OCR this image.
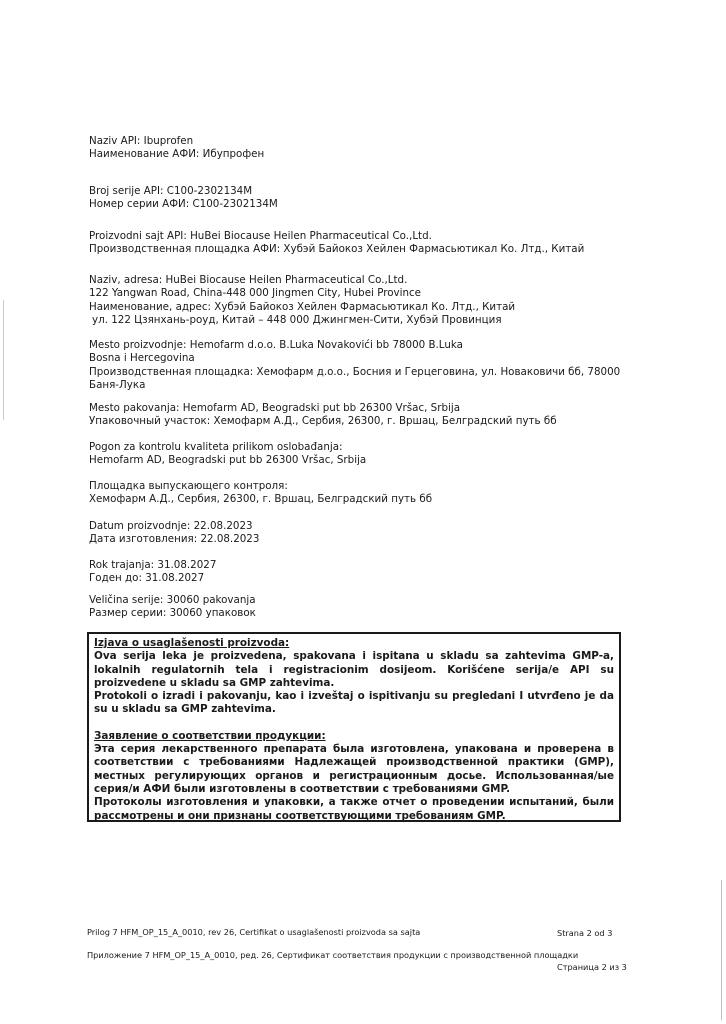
Naziv API: Ibuprofen
Наименование АФИ: Ибупрофен
Broj serije API: C100-2302134M
Номер серии АФИ: C100-2302134M
Proizvodni sajt API: HuBei Biocause Heilen Pharmaceutical Co.,Ltd.
Производственная площадка АФИ: Хубэй Байокоз Хейлен Фармасьютикал Ко. Лтд., Китай
Naziv, adresa: HuBei Biocause Heilen Pharmaceutical Co.,Ltd.
122 Yangwan Road, China-448 000 Jingmen City, Hubei Province
Наименование, адрес: Хубэй Байокоз Хейлен Фармасьютикал Ко. Лтд., Китай
ул. 122 Цзянхань-роуд, Китай – 448 000 Джингмен-Сити, Хубэй Провинция
Mesto proizvodnje: Hemofarm d.o.o. B.Luka Novakovići bb 78000 B.Luka
Bosna i Hercegovina
Производственная площадка: Хемофарм д.о.о., Босния и Герцеговина, ул. Новаковичи бб, 78000
Баня-Лука
Mesto pakovanja: Hemofarm AD, Beogradski put bb 26300 Vršac, Srbija
Упаковочный участок: Хемофарм А.Д., Сербия, 26300, г. Вршац, Белградский путь бб
Pogon za kontrolu kvaliteta prilikom oslobađanja:
Hemofarm AD, Beogradski put bb 26300 Vršac, Srbija
Площадка выпускающего контроля:
Хемофарм А.Д., Сербия, 26300, г. Вршац, Белградский путь бб
Datum proizvodnje: 22.08.2023
Дата изготовления: 22.08.2023
Rok trajanja: 31.08.2027
Годен до: 31.08.2027
Veličina serije: 30060 pakovanja
Размер серии: 30060 упаковок
Izjava o usaglašenosti proizvoda:
Ova serija leka je proizvedena, spakovana i ispitana u skladu sa zahtevima GMP-a, lokalnih regulatornih tela i registracionim dosijeom. Korišćene serija/e API su proizvedene u skladu sa GMP zahtevima.
Protokoli o izradi i pakovanju, kao i izveštaj o ispitivanju su pregledani I utvrđeno je da su u skladu sa GMP zahtevima.
Заявление о соответствии продукции:
Эта серия лекарственного препарата была изготовлена, упакована и проверена в соответствии с требованиями Надлежащей производственной практики (GMP), местных регулирующих органов и регистрационным досье. Использованная/ые серия/и АФИ были изготовлены в соответствии с требованиями GMP.
Протоколы изготовления и упаковки, а также отчет о проведении испытаний, были рассмотрены и они признаны соответствующими требованиям GMP.
Prilog 7 HFM_OP_15_A_0010, rev 26, Certifikat o usaglašenosti proizvoda sa sajta	Strana 2 od 3
Приложение 7 HFM_OP_15_A_0010, ред. 26, Сертификат соответствия продукции с производственной площадки
Страница 2 из 3
